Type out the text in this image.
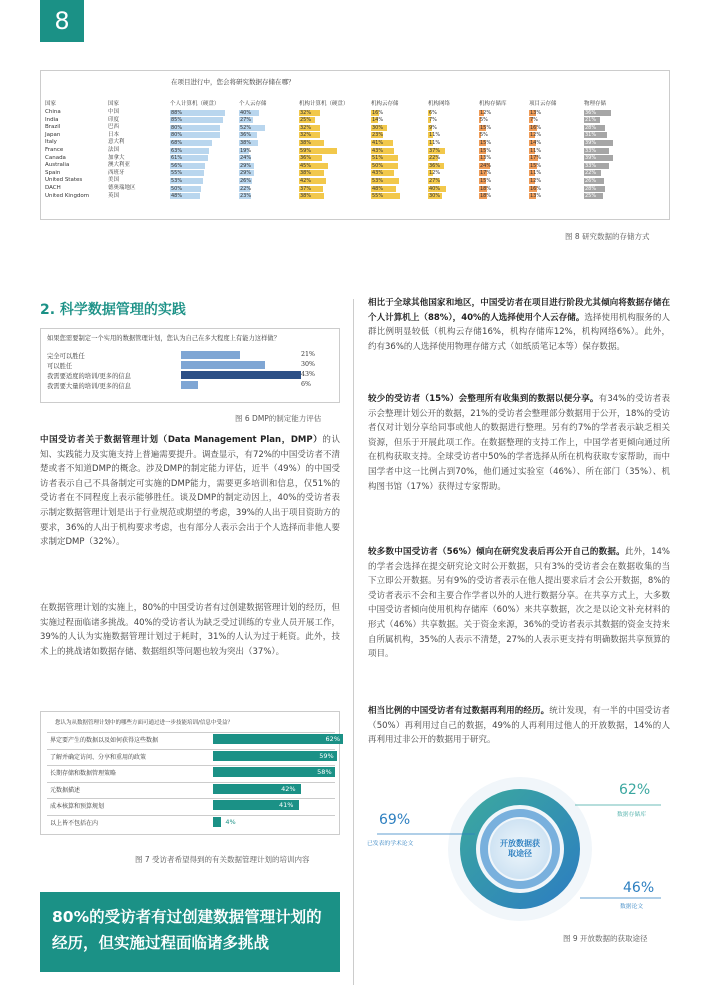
8
在项目进行中，您会将研究数据存储在哪？
国家	国家	个人计算机（硬盘）	个人云存储	机构计算机（硬盘）	机构云存储	机构网络	机构存储库	项目云存储	物理存储
China	中国	88%	40%	32%	16%	6%	12%	13%	36%
India	印度	85%	27%	25%	14%	7%	5%	7%	21%
Brazil	巴西	80%	52%	32%	30%	9%	15%	16%	28%
Japan	日本	80%	36%	32%	23%	11%	5%	12%	31%
Italy	意大利	68%	38%	38%	41%	11%	15%	14%	39%
France	法国	63%	19%	59%	43%	37%	15%	11%	33%
Canada	加拿大	61%	24%	36%	51%	22%	13%	17%	39%
Australia	澳大利亚	56%	29%	45%	50%	36%	24%	15%	33%
Spain	西班牙	55%	29%	38%	43%	12%	17%	11%	22%
United States	美国	53%	26%	42%	53%	27%	15%	12%	26%
DACH	德奥瑞地区	50%	22%	37%	48%	40%	18%	16%	28%
United Kingdom	英国	48%	23%	38%	55%	30%	18%	13%	25%
图 8 研究数据的存储方式
2. 科学数据管理的实践
如果您需要制定一个实用的数据管理计划，您认为自己在多大程度上有能力这样做？
完全可以胜任	21%
可以胜任	30%
我需要适度的培训/更多的信息	43%
我需要大量的培训/更多的信息	6%
图 6 DMP的制定能力评估
中国受访者关于数据管理计划（Data Management Plan，DMP）的认知、实践能力及实施支持上普遍需要提升。调查显示，有72%的中国受访者不清楚或者不知道DMP的概念。涉及DMP的制定能力评估，近半（49%）的中国受访者表示自己不具备制定可实施的DMP能力，需要更多培训和信息，仅51%的受访者在不同程度上表示能够胜任。谈及DMP的制定动因上，40%的受访者表示制定数据管理计划是出于行业规范或期望的考虑，39%的人出于项目资助方的要求，36%的人出于机构要求考虑，也有部分人表示会出于个人选择而非他人要求制定DMP（32%）。
在数据管理计划的实施上，80%的中国受访者有过创建数据管理计划的经历，但实施过程面临诸多挑战。40%的受访者认为缺乏受过训练的专业人员开展工作，39%的人认为实施数据管理计划过于耗时，31%的人认为过于耗资。此外，技术上的挑战诸如数据存储、数据组织等问题也较为突出（37%）。
您认为从数据管理计划中的哪些方面可通过进一步技能培训/信息中受益？
界定要产生的数据以及如何获得这些数据	62%
了解并确定访问、分享和重用的政策	59%
长期存储和数据管理策略	58%
元数据描述	42%
成本核算和预算规划	41%
以上皆不包括在内	4%
图 7 受访者希望得到的有关数据管理计划的培训内容
80%的受访者有过创建数据管理计划的经历，但实施过程面临诸多挑战
相比于全球其他国家和地区，中国受访者在项目进行阶段尤其倾向将数据存储在个人计算机上（88%），40%的人选择使用个人云存储。选择使用机构服务的人群比例明显较低（机构云存储16%，机构存储库12%，机构网络6%）。此外，约有36%的人选择使用物理存储方式（如纸质笔记本等）保存数据。
较少的受访者（15%）会整理所有收集到的数据以便分享。有34%的受访者表示会整理计划公开的数据，21%的受访者会整理部分数据用于公开，18%的受访者仅对计划分享给同事或他人的数据进行整理。另有约7%的学者表示缺乏相关资源，但乐于开展此项工作。在数据整理的支持工作上，中国学者更倾向通过所在机构获取支持。全球受访者中50%的学者选择从所在机构获取专家帮助，而中国学者中这一比例占到70%，他们通过实验室（46%）、所在部门（35%）、机构图书馆（17%）获得过专家帮助。
较多数中国受访者（56%）倾向在研究发表后再公开自己的数据。此外，14%的学者会选择在提交研究论文时公开数据，只有3%的受访者会在数据收集的当下立即公开数据。另有9%的受访者表示在他人提出要求后才会公开数据，8%的受访者表示不会和主要合作学者以外的人进行数据分享。在共享方式上，大多数中国受访者倾向使用机构存储库（60%）来共享数据，次之是以论文补充材料的形式（46%）共享数据。关于资金来源，36%的受访者表示其数据的资金支持来自所属机构，35%的人表示不清楚，27%的人表示更支持有明确数据共享预算的项目。
相当比例的中国受访者有过数据再利用的经历。统计发现，有一半的中国受访者（50%）再利用过自己的数据，49%的人再利用过他人的开放数据，14%的人再利用过非公开的数据用于研究。
开放数据获取途径
69%
已发表的学术论文
62%
数据存储库
46%
数据论文
图 9 开放数据的获取途径
